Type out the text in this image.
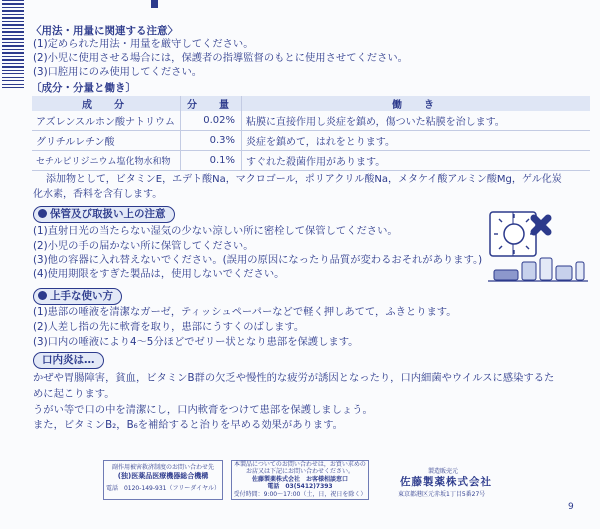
〈用法・用量に関連する注意〉
(1)定められた用法・用量を厳守してください。
(2)小児に使用させる場合には，保護者の指導監督のもとに使用させてください。
(3)口腔用にのみ使用してください。
〔成分・分量と働き〕
成　分	分　量	働　き
アズレンスルホン酸ナトリウム	0.02%	粘膜に直接作用し炎症を鎮め，傷ついた粘膜を治します。
グリチルレチン酸	0.3%	炎症を鎮めて，はれをとります。
セチルピリジニウム塩化物水和物	0.1%	すぐれた殺菌作用があります。
添加物として，ビタミンE，エデト酸Na，マクロゴール，ポリアクリル酸Na，メタケイ酸アルミン酸Mg，ゲル化炭
化水素，香料を含有します。
保管及び取扱い上の注意
(1)直射日光の当たらない湿気の少ない涼しい所に密栓して保管してください。
(2)小児の手の届かない所に保管してください。
(3)他の容器に入れ替えないでください。(誤用の原因になったり品質が変わるおそれがあります。)
(4)使用期限をすぎた製品は，使用しないでください。
上手な使い方
(1)患部の唾液を清潔なガーゼ，ティッシュペーパーなどで軽く押しあてて，ふきとります。
(2)人差し指の先に軟膏を取り，患部にうすくのばします。
(3)口内の唾液により4～5分ほどでゼリー状となり患部を保護します。
口内炎は…
かぜや胃腸障害，貧血，ビタミンB群の欠乏や慢性的な疲労が誘因となったり，口内細菌やウイルスに感染するた
めに起こります。
うがい等で口の中を清潔にし，口内軟膏をつけて患部を保護しましょう。
また，ビタミンB₂，B₆を補給すると治りを早める効果があります。
副作用被害救済制度のお問い合わせ先
(独)医薬品医療機器総合機構
電話　0120-149-931（フリーダイヤル）
本製品についてのお問い合わせは，お買い求めの
お店又は下記にお問い合わせください。
佐藤製薬株式会社　お客様相談窓口
電話　03(5412)7393
受付時間：9:00～17:00（土，日，祝日を除く）
製造販売元
佐藤製薬株式会社
東京都港区元赤坂1丁目5番27号
9
